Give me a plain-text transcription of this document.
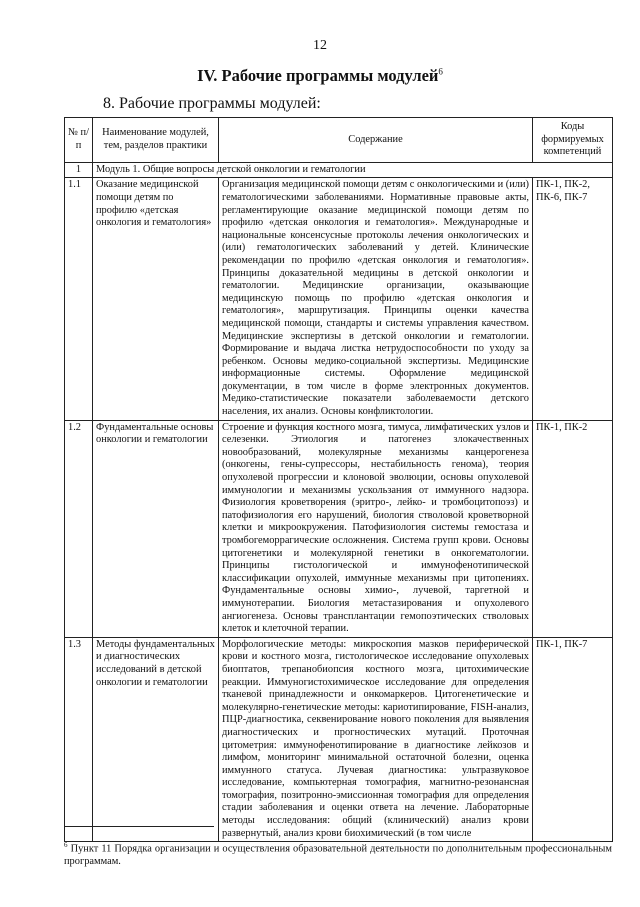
12
IV. Рабочие программы модулей$^6$
8. Рабочие программы модулей:
№ п/п	Наименование модулей, тем, разделов практики	Содержание	Коды формируемых компетенций
1	Модуль 1. Общие вопросы детской онкологии и гематологии		
1.1	Оказание медицинской помощи детям по профилю «детская онкология и гематология»	Организация медицинской помощи детям с онкологическими и (или) гематологическими заболеваниями. Нормативные правовые акты, регламентирующие оказание медицинской помощи детям по профилю «детская онкология и гематология». Международные и национальные консенсусные протоколы лечения онкологических и (или) гематологических заболеваний у детей. Клинические рекомендации по профилю «детская онкология и гематология». Принципы доказательной медицины в детской онкологии и гематологии. Медицинские организации, оказывающие медицинскую помощь по профилю «детская онкология и гематология», маршрутизация. Принципы оценки качества медицинской помощи, стандарты и системы управления качеством. Медицинские экспертизы в детской онкологии и гематологии. Формирование и выдача листка нетрудоспособности по уходу за ребенком. Основы медико-социальной экспертизы. Медицинские информационные системы. Оформление медицинской документации, в том числе в форме электронных документов. Медико-статистические показатели заболеваемости детского населения, их анализ. Основы конфликтологии.	ПК-1, ПК-2, ПК-6, ПК-7
1.2	Фундаментальные основы онкологии и гематологии	Строение и функция костного мозга, тимуса, лимфатических узлов и селезенки. Этиология и патогенез злокачественных новообразований, молекулярные механизмы канцерогенеза (онкогены, гены-супрессоры, нестабильность генома), теория опухолевой прогрессии и клоновой эволюции, основы опухолевой иммунологии и механизмы ускользания от иммунного надзора. Физиология кроветворения (эритро-, лейко- и тромбоцитопоэз) и патофизиология его нарушений, биология стволовой кроветворной клетки и микроокружения. Патофизиология системы гемостаза и тромбогеморрагические осложнения. Система групп крови. Основы цитогенетики и молекулярной генетики в онкогематологии. Принципы гистологической и иммунофенотипической классификации опухолей, иммунные механизмы при цитопениях. Фундаментальные основы химио-, лучевой, таргетной и иммунотерапии. Биология метастазирования и опухолевого ангиогенеза. Основы трансплантации гемопоэтических стволовых клеток и клеточной терапии.	ПК-1, ПК-2
1.3	Методы фундаментальных и диагностических исследований в детской онкологии и гематологии	Морфологические методы: микроскопия мазков периферической крови и костного мозга, гистологическое исследование опухолевых биоптатов, трепанобиопсия костного мозга, цитохимические реакции. Иммуногистохимическое исследование для определения тканевой принадлежности и онкомаркеров. Цитогенетические и молекулярно-генетические методы: кариотипирование, FISH-анализ, ПЦР-диагностика, секвенирование нового поколения для выявления диагностических и прогностических мутаций. Проточная цитометрия: иммунофенотипирование в диагностике лейкозов и лимфом, мониторинг минимальной остаточной болезни, оценка иммунного статуса. Лучевая диагностика: ультразвуковое исследование, компьютерная томография, магнитно-резонансная томография, позитронно-эмиссионная томография для определения стадии заболевания и оценки ответа на лечение. Лабораторные методы исследования: общий (клинический) анализ крови развернутый, анализ крови биохимический (в том числе	ПК-1, ПК-7
$^6$ Пункт 11 Порядка организации и осуществления образовательной деятельности по дополнительным профессиональным программам.
